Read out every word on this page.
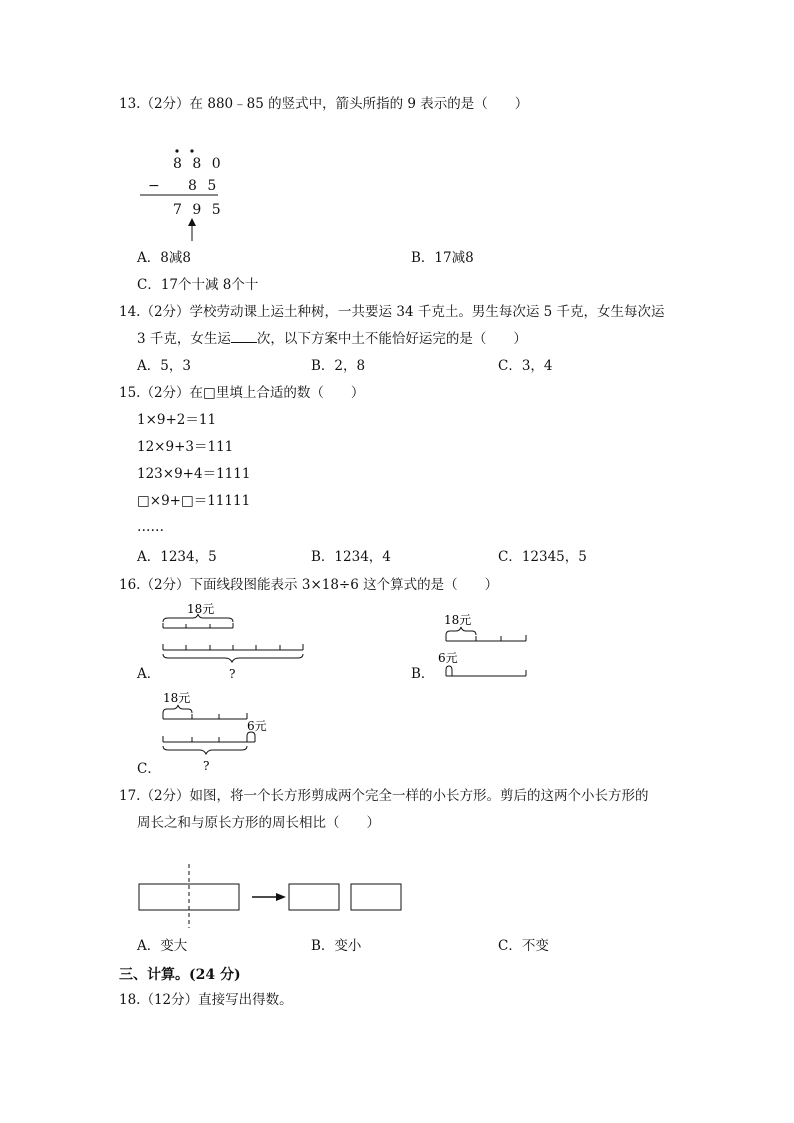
13.（2分）在 880﹣85 的竖式中，箭头所指的 9 表示的是（　　）
8 8 0
− 8 5
7 9 5
A．8减8	B．17减8
C．17个十减 8个十
14.（2分）学校劳动课上运土种树，一共要运 34 千克土。男生每次运 5 千克，女生每次运
3 千克，女生运 次，以下方案中土不能恰好运完的是（　　）
A．5，3	B．2，8	C．3，4
15.（2分）在□里填上合适的数（　　）
1×9+2＝11
12×9+3＝111
123×9+4＝1111
□×9+□＝11111
……
A．1234，5	B．1234，4	C．12345，5
16.（2分）下面线段图能表示 3×18÷6 这个算式的是（　　）
18元
?
A．
18元
6元
B．
18元
6元
?
C．
17.（2分）如图，将一个长方形剪成两个完全一样的小长方形。剪后的这两个小长方形的
周长之和与原长方形的周长相比（　　）
A．变大	B．变小	C．不变
三、计算。(24 分)
18.（12分）直接写出得数。
